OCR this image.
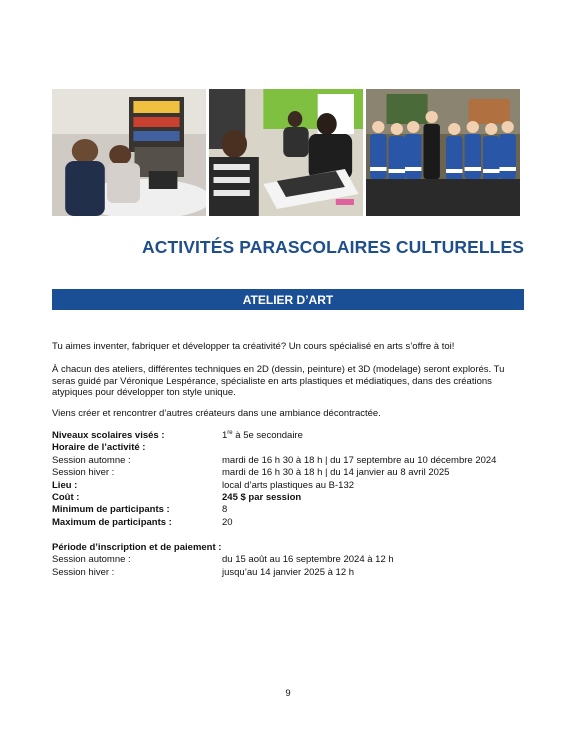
ACTIVITÉS PARASCOLAIRES CULTURELLES
ATELIER D’ART
Tu aimes inventer, fabriquer et développer ta créativité? Un cours spécialisé en arts s’offre à toi!
À chacun des ateliers, différentes techniques en 2D (dessin, peinture) et 3D (modelage) seront explorés. Tu seras guidé par Véronique Lespérance, spécialiste en arts plastiques et médiatiques, dans des créations atypiques pour développer ton style unique.
Viens créer et rencontrer d’autres créateurs dans une ambiance décontractée.
Niveaux scolaires visés :	1re à 5e secondaire
Horaire de l’activité :
Session automne :	mardi de 16 h 30 à 18 h | du 17 septembre au 10 décembre 2024
Session hiver :	mardi de 16 h 30 à 18 h | du 14 janvier au 8 avril 2025
Lieu :	local d’arts plastiques au B-132
Coût :	245 $ par session
Minimum de participants :	8
Maximum de participants :	20
Période d’inscription et de paiement :
Session automne :	du 15 août au 16 septembre 2024 à 12 h
Session hiver :	jusqu’au 14 janvier 2025 à 12 h
9
